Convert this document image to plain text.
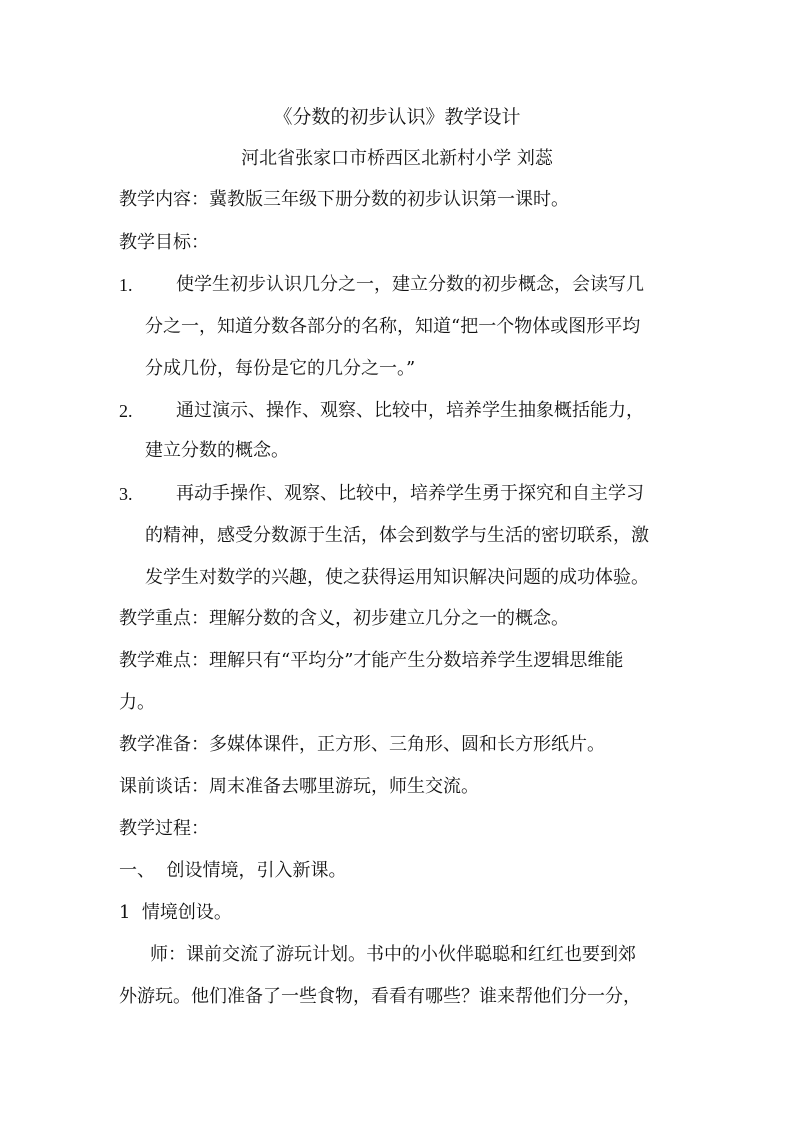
《分数的初步认识》教学设计
河北省张家口市桥西区北新村小学 刘蕊
教学内容：冀教版三年级下册分数的初步认识第一课时。
教学目标：
1. 使学生初步认识几分之一，建立分数的初步概念，会读写几
分之一，知道分数各部分的名称，知道“把一个物体或图形平均
分成几份，每份是它的几分之一。”
2. 通过演示、操作、观察、比较中，培养学生抽象概括能力，
建立分数的概念。
3. 再动手操作、观察、比较中，培养学生勇于探究和自主学习
的精神，感受分数源于生活，体会到数学与生活的密切联系，激
发学生对数学的兴趣，使之获得运用知识解决问题的成功体验。
教学重点：理解分数的含义，初步建立几分之一的概念。
教学难点：理解只有“平均分”才能产生分数培养学生逻辑思维能
力。
教学准备：多媒体课件，正方形、三角形、圆和长方形纸片。
课前谈话：周末准备去哪里游玩，师生交流。
教学过程：
一、  创设情境，引入新课。
1  情境创设。
师：课前交流了游玩计划。书中的小伙伴聪聪和红红也要到郊
外游玩。他们准备了一些食物，看看有哪些？谁来帮他们分一分，
